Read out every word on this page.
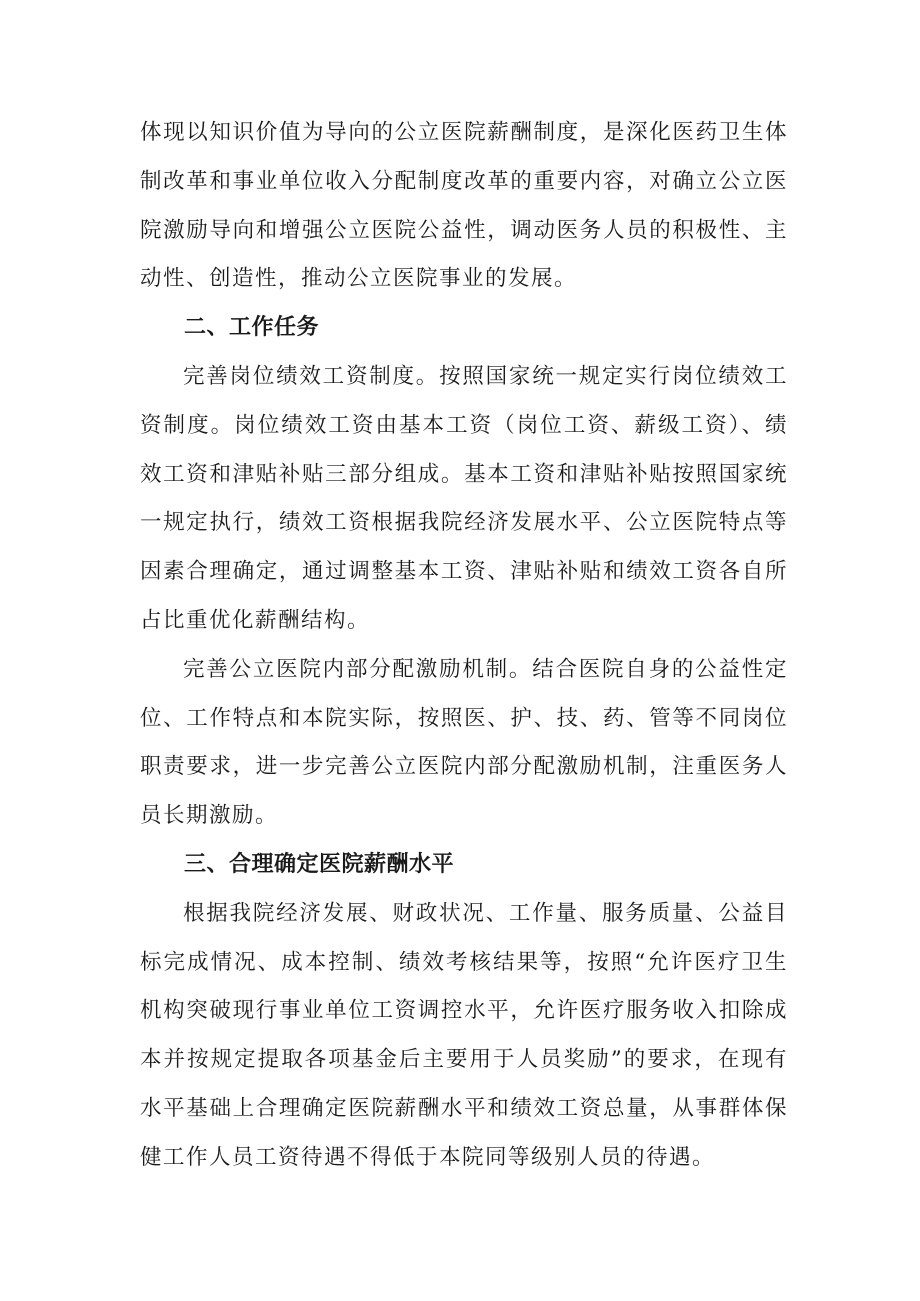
体现以知识价值为导向的公立医院薪酬制度，是深化医药卫生体制改革和事业单位收入分配制度改革的重要内容，对确立公立医院激励导向和增强公立医院公益性，调动医务人员的积极性、主动性、创造性，推动公立医院事业的发展。

二、工作任务

完善岗位绩效工资制度。按照国家统一规定实行岗位绩效工资制度。岗位绩效工资由基本工资（岗位工资、薪级工资）、绩效工资和津贴补贴三部分组成。基本工资和津贴补贴按照国家统一规定执行，绩效工资根据我院经济发展水平、公立医院特点等因素合理确定，通过调整基本工资、津贴补贴和绩效工资各自所占比重优化薪酬结构。

完善公立医院内部分配激励机制。结合医院自身的公益性定位、工作特点和本院实际，按照医、护、技、药、管等不同岗位职责要求，进一步完善公立医院内部分配激励机制，注重医务人员长期激励。

三、合理确定医院薪酬水平

根据我院经济发展、财政状况、工作量、服务质量、公益目标完成情况、成本控制、绩效考核结果等，按照“允许医疗卫生机构突破现行事业单位工资调控水平，允许医疗服务收入扣除成本并按规定提取各项基金后主要用于人员奖励”的要求，在现有水平基础上合理确定医院薪酬水平和绩效工资总量，从事群体保健工作人员工资待遇不得低于本院同等级别人员的待遇。
